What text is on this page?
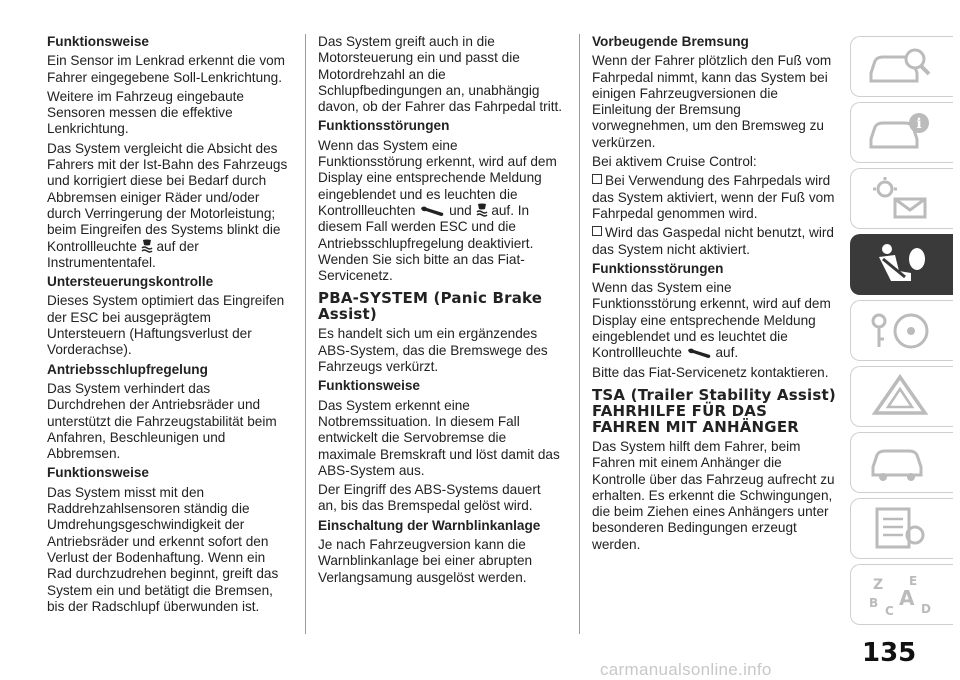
Funktionsweise
Ein Sensor im Lenkrad erkennt die vom Fahrer eingegebene Soll-Lenkrichtung.
Weitere im Fahrzeug eingebaute Sensoren messen die effektive Lenkrichtung.
Das System vergleicht die Absicht des Fahrers mit der Ist-Bahn des Fahrzeugs und korrigiert diese bei Bedarf durch Abbremsen einiger Räder und/oder durch Verringerung der Motorleistung; beim Eingreifen des Systems blinkt die Kontrollleuchte auf der Instrumententafel.
Untersteuerungskontrolle
Dieses System optimiert das Eingreifen der ESC bei ausgeprägtem Untersteuern (Haftungsverlust der Vorderachse).
Antriebsschlupfregelung
Das System verhindert das Durchdrehen der Antriebsräder und unterstützt die Fahrzeugstabilität beim Anfahren, Beschleunigen und Abbremsen.
Funktionsweise
Das System misst mit den Raddrehzahlsensoren ständig die Umdrehungsgeschwindigkeit der Antriebsräder und erkennt sofort den Verlust der Bodenhaftung. Wenn ein Rad durchzudrehen beginnt, greift das System ein und betätigt die Bremsen, bis der Radschlupf überwunden ist.
Das System greift auch in die Motorsteuerung ein und passt die Motordrehzahl an die Schlupfbedingungen an, unabhängig davon, ob der Fahrer das Fahrpedal tritt.
Funktionsstörungen
Wenn das System eine Funktionsstörung erkennt, wird auf dem Display eine entsprechende Meldung eingeblendet und es leuchten die Kontrollleuchten und auf. In diesem Fall werden ESC und die Antriebsschlupfregelung deaktiviert. Wenden Sie sich bitte an das Fiat-Servicenetz.
PBA-SYSTEM (Panic Brake Assist)
Es handelt sich um ein ergänzendes ABS-System, das die Bremswege des Fahrzeugs verkürzt.
Funktionsweise
Das System erkennt eine Notbremssituation. In diesem Fall entwickelt die Servobremse die maximale Bremskraft und löst damit das ABS-System aus.
Der Eingriff des ABS-Systems dauert an, bis das Bremspedal gelöst wird.
Einschaltung der Warnblinkanlage
Je nach Fahrzeugversion kann die Warnblinkanlage bei einer abrupten Verlangsamung ausgelöst werden.
Vorbeugende Bremsung
Wenn der Fahrer plötzlich den Fuß vom Fahrpedal nimmt, kann das System bei einigen Fahrzeugversionen die Einleitung der Bremsung vorwegnehmen, um den Bremsweg zu verkürzen.
Bei aktivem Cruise Control:
Bei Verwendung des Fahrpedals wird das System aktiviert, wenn der Fuß vom Fahrpedal genommen wird.
Wird das Gaspedal nicht benutzt, wird das System nicht aktiviert.
Funktionsstörungen
Wenn das System eine Funktionsstörung erkennt, wird auf dem Display eine entsprechende Meldung eingeblendet und es leuchtet die Kontrollleuchte auf.
Bitte das Fiat-Servicenetz kontaktieren.
TSA (Trailer Stability Assist) FAHRHILFE FÜR DAS FAHREN MIT ANHÄNGER
Das System hilft dem Fahrer, beim Fahren mit einem Anhänger die Kontrolle über das Fahrzeug aufrecht zu erhalten. Es erkennt die Schwingungen, die beim Ziehen eines Anhängers unter besonderen Bedingungen erzeugt werden.
i
Z E
B
C
A D
135
carmanualsonline.info
